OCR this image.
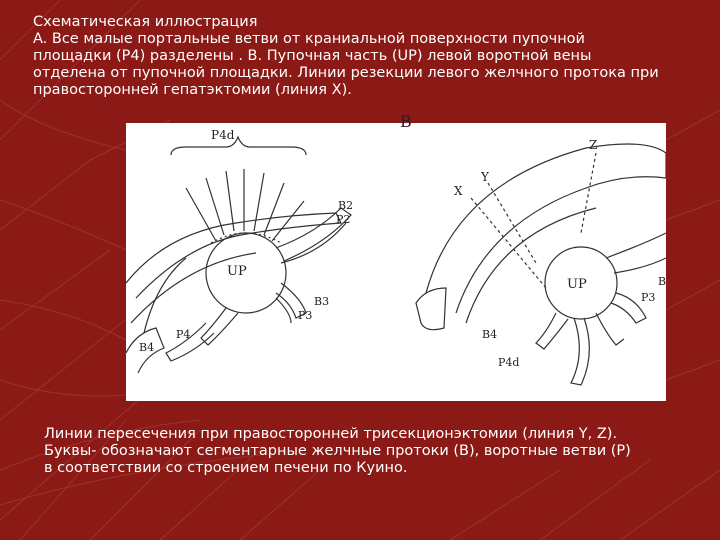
Схематическая иллюстрация
A. Все малые портальные ветви от краниальной поверхности пупочной
площадки (P4) разделены . B. Пупочная часть (UP) левой воротной вены
отделена от пупочной площадки. Линии резекции левого желчного протока при
правосторонней гепатэктомии (линия X).
P4d
UP
B2
P2
B3
P3
P4
B4
X
Y
Z
UP
P3
B4
P4d
B
B
Линии пересечения при правосторонней трисекционэктомии (линия Y, Z).
Буквы- обозначают сегментарные желчные протоки (B), воротные ветви (P)
в соответствии со строением печени по Куино.
